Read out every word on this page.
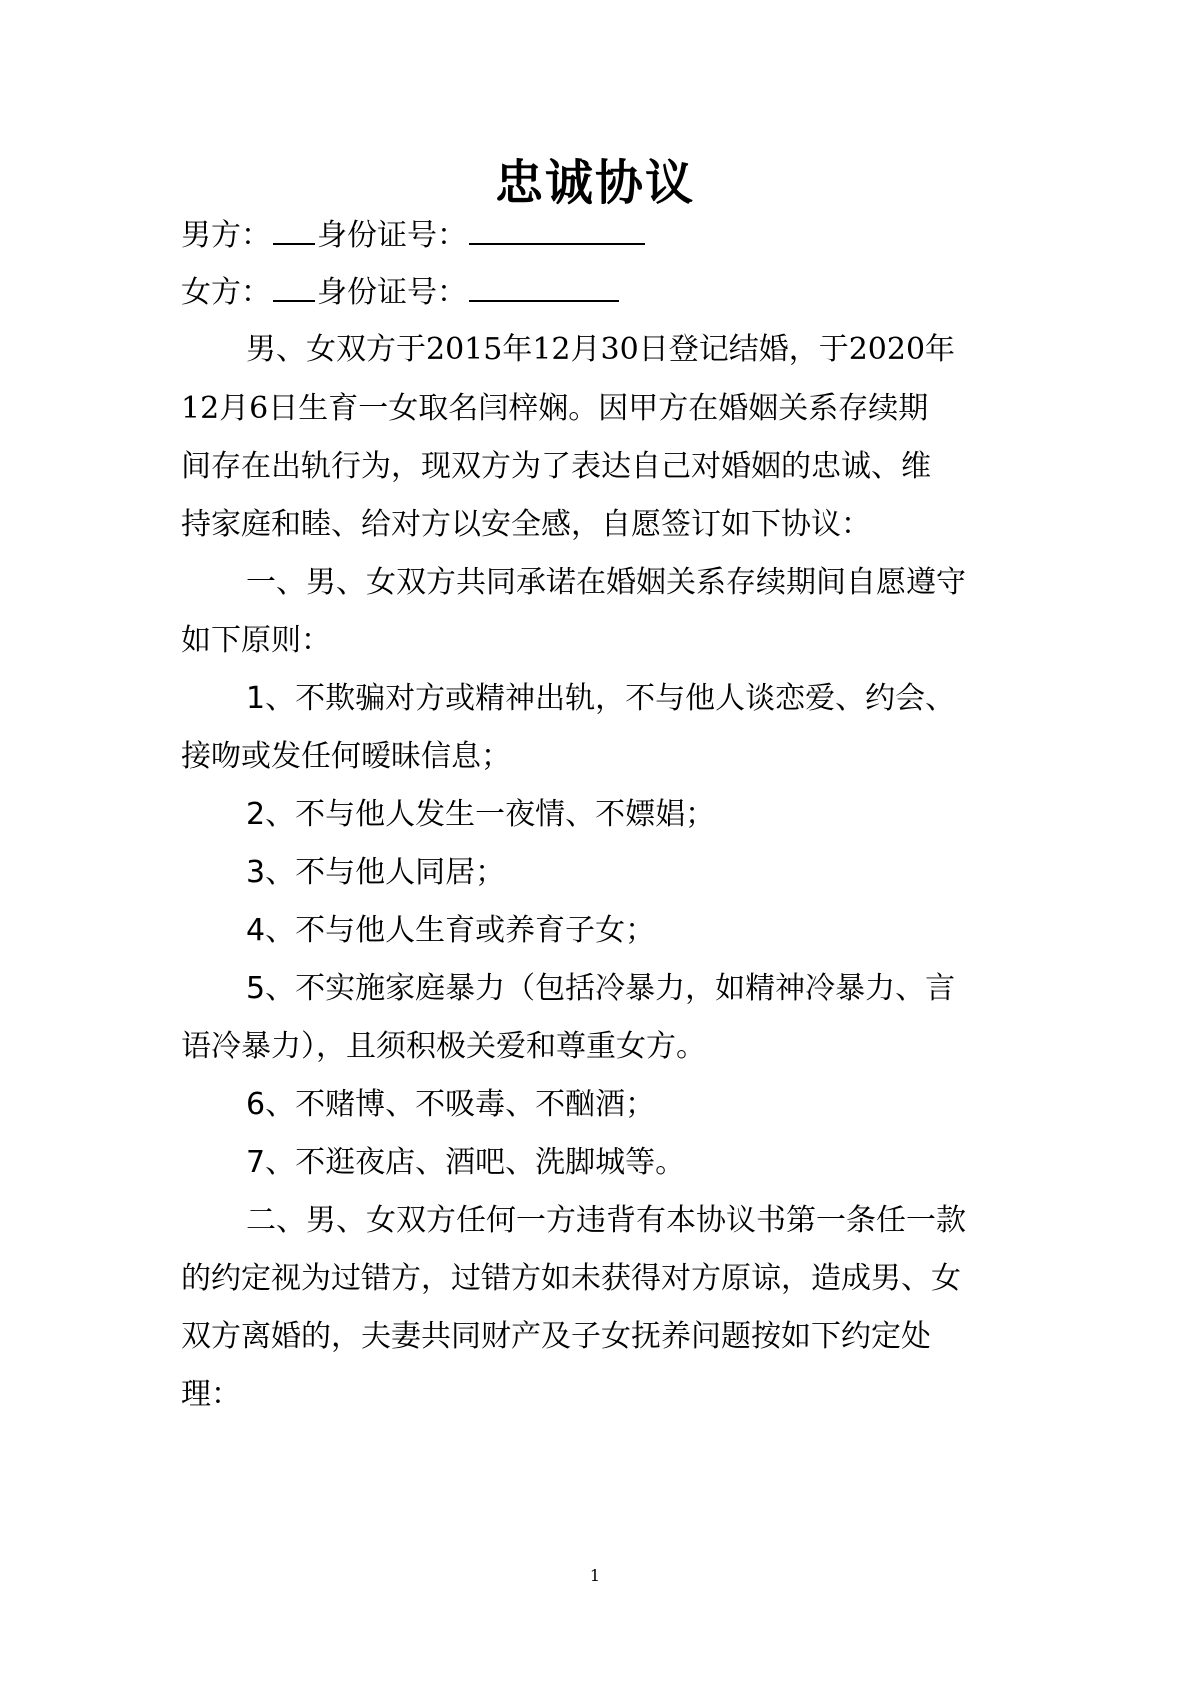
忠诚协议
男方： 身份证号：
女方： 身份证号：
男、女双方于2015年12月30日登记结婚，于2020年
12月6日生育一女取名闫梓娴。因甲方在婚姻关系存续期
间存在出轨行为，现双方为了表达自己对婚姻的忠诚、维
持家庭和睦、给对方以安全感，自愿签订如下协议：
一、男、女双方共同承诺在婚姻关系存续期间自愿遵守
如下原则：
1、不欺骗对方或精神出轨，不与他人谈恋爱、约会、
接吻或发任何暧昧信息；
2、不与他人发生一夜情、不嫖娼；
3、不与他人同居；
4、不与他人生育或养育子女；
5、不实施家庭暴力（包括冷暴力，如精神冷暴力、言
语冷暴力），且须积极关爱和尊重女方。
6、不赌博、不吸毒、不酗酒；
7、不逛夜店、酒吧、洗脚城等。
二、男、女双方任何一方违背有本协议书第一条任一款
的约定视为过错方，过错方如未获得对方原谅，造成男、女
双方离婚的，夫妻共同财产及子女抚养问题按如下约定处
理：
1
